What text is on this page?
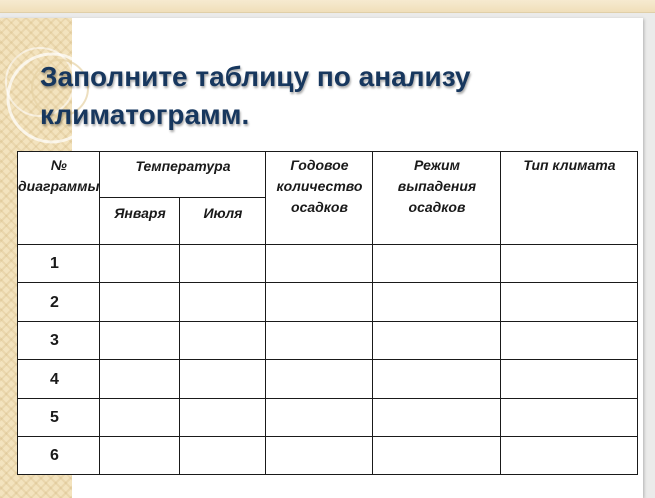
Заполните таблицу по анализу климатограмм.
№ диаграммы	Температура		Годовое количество осадков	Режим выпадения осадков	Тип климата
	Января	Июля			
1					
2					
3					
4					
5					
6					
